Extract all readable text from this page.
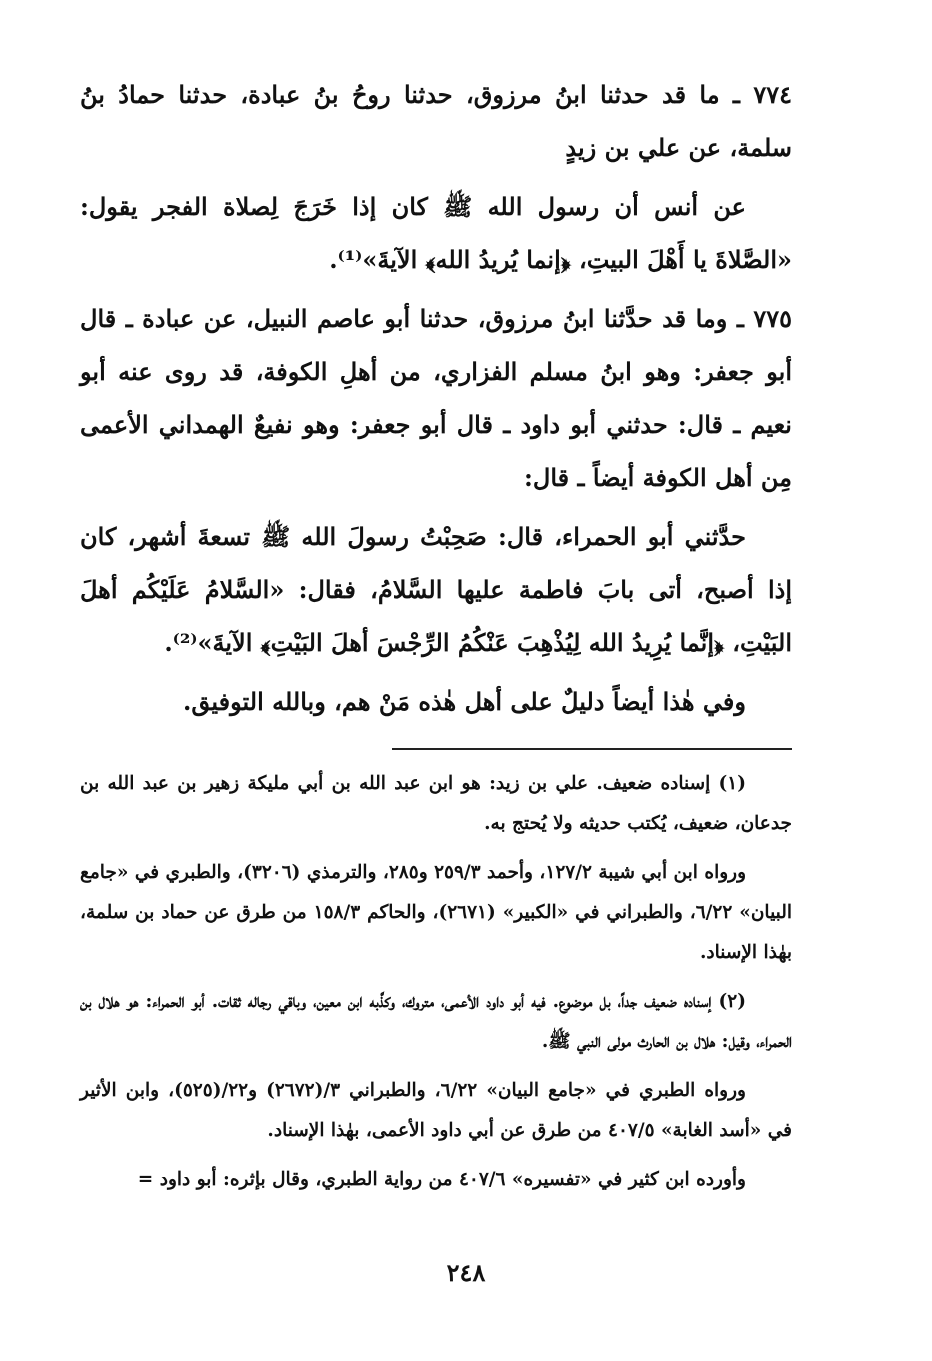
٧٧٤ ـ ما قد حدثنا ابنُ مرزوق، حدثنا روحُ بنُ عبادة، حدثنا حمادُ بنُ سلمة، عن علي بن زيدٍ

عن أنس أن رسول الله ﷺ كان إذا خَرَجَ لِصلاة الفجر يقول: «الصَّلاةَ يا أَهْلَ البيتِ، ﴿إنما يُريدُ الله﴾ الآيةَ»⁽¹⁾.

٧٧٥ ـ وما قد حدَّثنا ابنُ مرزوق، حدثنا أبو عاصم النبيل، عن عبادة ـ قال أبو جعفر: وهو ابنُ مسلم الفزاري، من أهلِ الكوفة، قد روى عنه أبو نعيم ـ قال: حدثني أبو داود ـ قال أبو جعفر: وهو نفيعٌ الهمداني الأعمى مِن أهل الكوفة أيضاً ـ قال:

حدَّثني أبو الحمراء، قال: صَحِبْتُ رسولَ الله ﷺ تسعةَ أشهر، كان إذا أصبح، أتى بابَ فاطمة عليها السَّلامُ، فقال: «السَّلامُ عَلَيْكُم أهلَ البَيْتِ، ﴿إنَّما يُرِيدُ الله لِيُذْهِبَ عَنْكُمُ الرِّجْسَ أهلَ البَيْتِ﴾ الآيةَ»⁽²⁾.

وفي هٰذا أيضاً دليلٌ على أهل هٰذه مَنْ هم، وبالله التوفيق.

(١) إسناده ضعيف. علي بن زيد: هو ابن عبد الله بن أبي مليكة زهير بن عبد الله بن جدعان، ضعيف، يُكتب حديثه ولا يُحتج به.

ورواه ابن أبي شيبة ١٢٧/٢، وأحمد ٢٥٩/٣ و٢٨٥، والترمذي (٣٢٠٦)، والطبري في «جامع البيان» ٦/٢٢، والطبراني في «الكبير» (٢٦٧١)، والحاكم ١٥٨/٣ من طرق عن حماد بن سلمة، بهٰذا الإسناد.

(٢) إسناده ضعيف جداً، بل موضوع. فيه أبو داود الأعمى، متروك، وكذَّبه ابن معين، وباقي رجاله ثقات. أبو الحمراء: هو هلال بن الحمراء، وقيل: هلال بن الحارث مولى النبي ﷺ.

ورواه الطبري في «جامع البيان» ٦/٢٢، والطبراني ٣/(٢٦٧٢) و٢٢/(٥٢٥)، وابن الأثير في «أسد الغابة» ٤٠٧/٥ من طرق عن أبي داود الأعمى، بهٰذا الإسناد.

وأورده ابن كثير في «تفسيره» ٤٠٧/٦ من رواية الطبري، وقال بإثره: أبو داود =

٢٤٨
